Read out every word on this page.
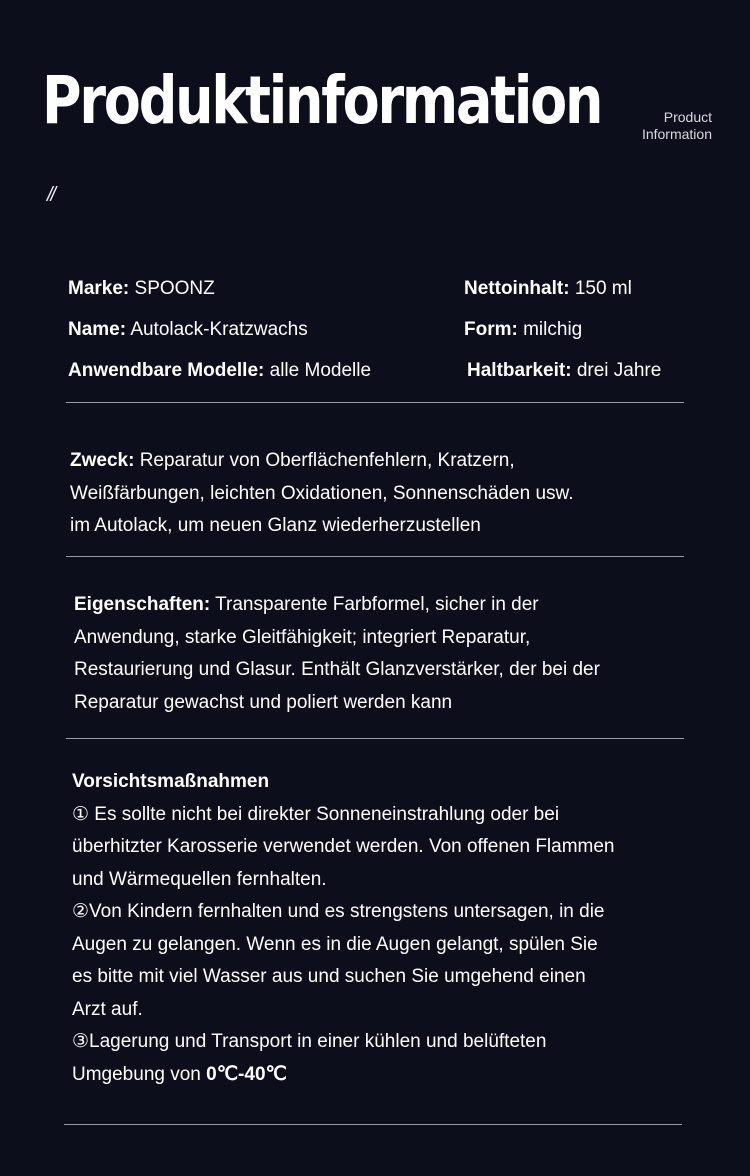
Produktinformation	Product
Information
//
Marke: SPOONZ
Name: Autolack-Kratzwachs
Anwendbare Modelle: alle Modelle
Nettoinhalt: 150 ml
Form: milchig
Haltbarkeit: drei Jahre
Zweck: Reparatur von Oberflächenfehlern, Kratzern,
Weißfärbungen, leichten Oxidationen, Sonnenschäden usw.
im Autolack, um neuen Glanz wiederherzustellen
Eigenschaften: Transparente Farbformel, sicher in der
Anwendung, starke Gleitfähigkeit; integriert Reparatur,
Restaurierung und Glasur. Enthält Glanzverstärker, der bei der
Reparatur gewachst und poliert werden kann
Vorsichtsmaßnahmen
① Es sollte nicht bei direkter Sonneneinstrahlung oder bei
überhitzter Karosserie verwendet werden. Von offenen Flammen
und Wärmequellen fernhalten.
②Von Kindern fernhalten und es strengstens untersagen, in die
Augen zu gelangen. Wenn es in die Augen gelangt, spülen Sie
es bitte mit viel Wasser aus und suchen Sie umgehend einen
Arzt auf.
③Lagerung und Transport in einer kühlen und belüfteten
Umgebung von 0℃-40℃
